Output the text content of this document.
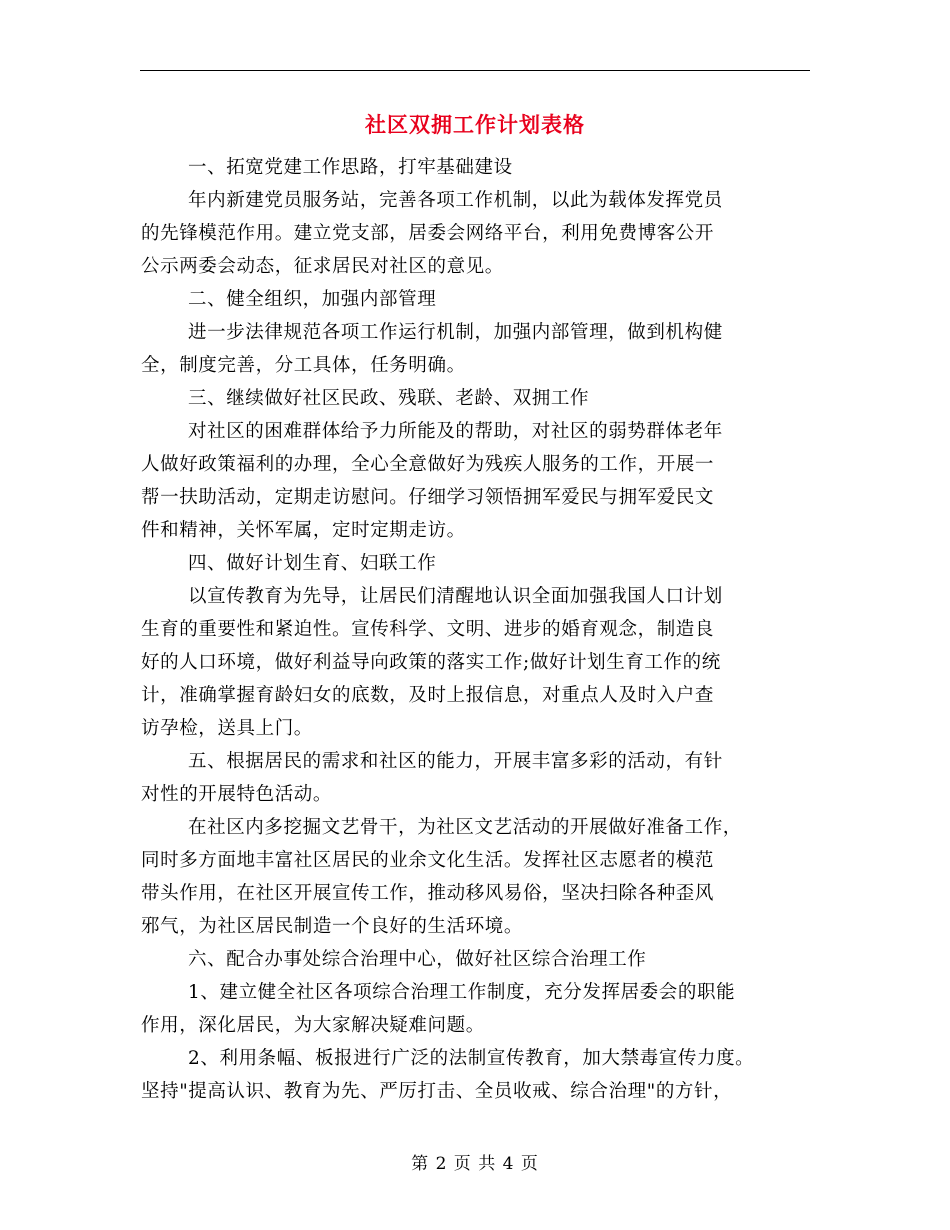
社区双拥工作计划表格
一、拓宽党建工作思路，打牢基础建设
年内新建党员服务站，完善各项工作机制，以此为载体发挥党员
的先锋模范作用。建立党支部，居委会网络平台，利用免费博客公开
公示两委会动态，征求居民对社区的意见。
二、健全组织，加强内部管理
进一步法律规范各项工作运行机制，加强内部管理，做到机构健
全，制度完善，分工具体，任务明确。
三、继续做好社区民政、残联、老龄、双拥工作
对社区的困难群体给予力所能及的帮助，对社区的弱势群体老年
人做好政策福利的办理，全心全意做好为残疾人服务的工作，开展一
帮一扶助活动，定期走访慰问。仔细学习领悟拥军爱民与拥军爱民文
件和精神，关怀军属，定时定期走访。
四、做好计划生育、妇联工作
以宣传教育为先导，让居民们清醒地认识全面加强我国人口计划
生育的重要性和紧迫性。宣传科学、文明、进步的婚育观念，制造良
好的人口环境，做好利益导向政策的落实工作;做好计划生育工作的统
计，准确掌握育龄妇女的底数，及时上报信息，对重点人及时入户查
访孕检，送具上门。
五、根据居民的需求和社区的能力，开展丰富多彩的活动，有针
对性的开展特色活动。
在社区内多挖掘文艺骨干，为社区文艺活动的开展做好准备工作，
同时多方面地丰富社区居民的业余文化生活。发挥社区志愿者的模范
带头作用，在社区开展宣传工作，推动移风易俗，坚决扫除各种歪风
邪气，为社区居民制造一个良好的生活环境。
六、配合办事处综合治理中心，做好社区综合治理工作
1、建立健全社区各项综合治理工作制度，充分发挥居委会的职能
作用，深化居民，为大家解决疑难问题。
2、利用条幅、板报进行广泛的法制宣传教育，加大禁毒宣传力度。
坚持"提高认识、教育为先、严厉打击、全员收戒、综合治理"的方针，
第 2 页 共 4 页
